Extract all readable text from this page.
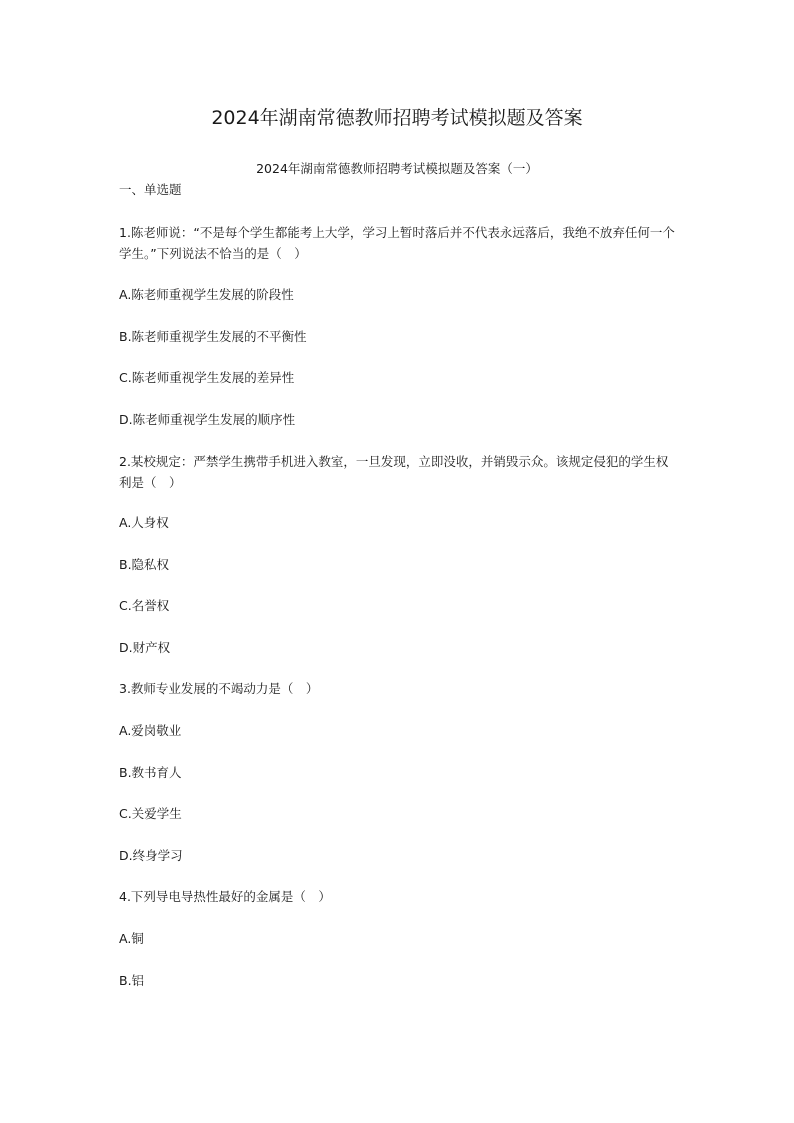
2024年湖南常德教师招聘考试模拟题及答案
2024年湖南常德教师招聘考试模拟题及答案（一）
一、单选题
1.陈老师说：“不是每个学生都能考上大学，学习上暂时落后并不代表永远落后，我绝不放弃任何一个学生。”下列说法不恰当的是（　）
A.陈老师重视学生发展的阶段性
B.陈老师重视学生发展的不平衡性
C.陈老师重视学生发展的差异性
D.陈老师重视学生发展的顺序性
2.某校规定：严禁学生携带手机进入教室，一旦发现，立即没收，并销毁示众。该规定侵犯的学生权利是（　）
A.人身权
B.隐私权
C.名誉权
D.财产权
3.教师专业发展的不竭动力是（　）
A.爱岗敬业
B.教书育人
C.关爱学生
D.终身学习
4.下列导电导热性最好的金属是（　）
A.铜
B.铝
